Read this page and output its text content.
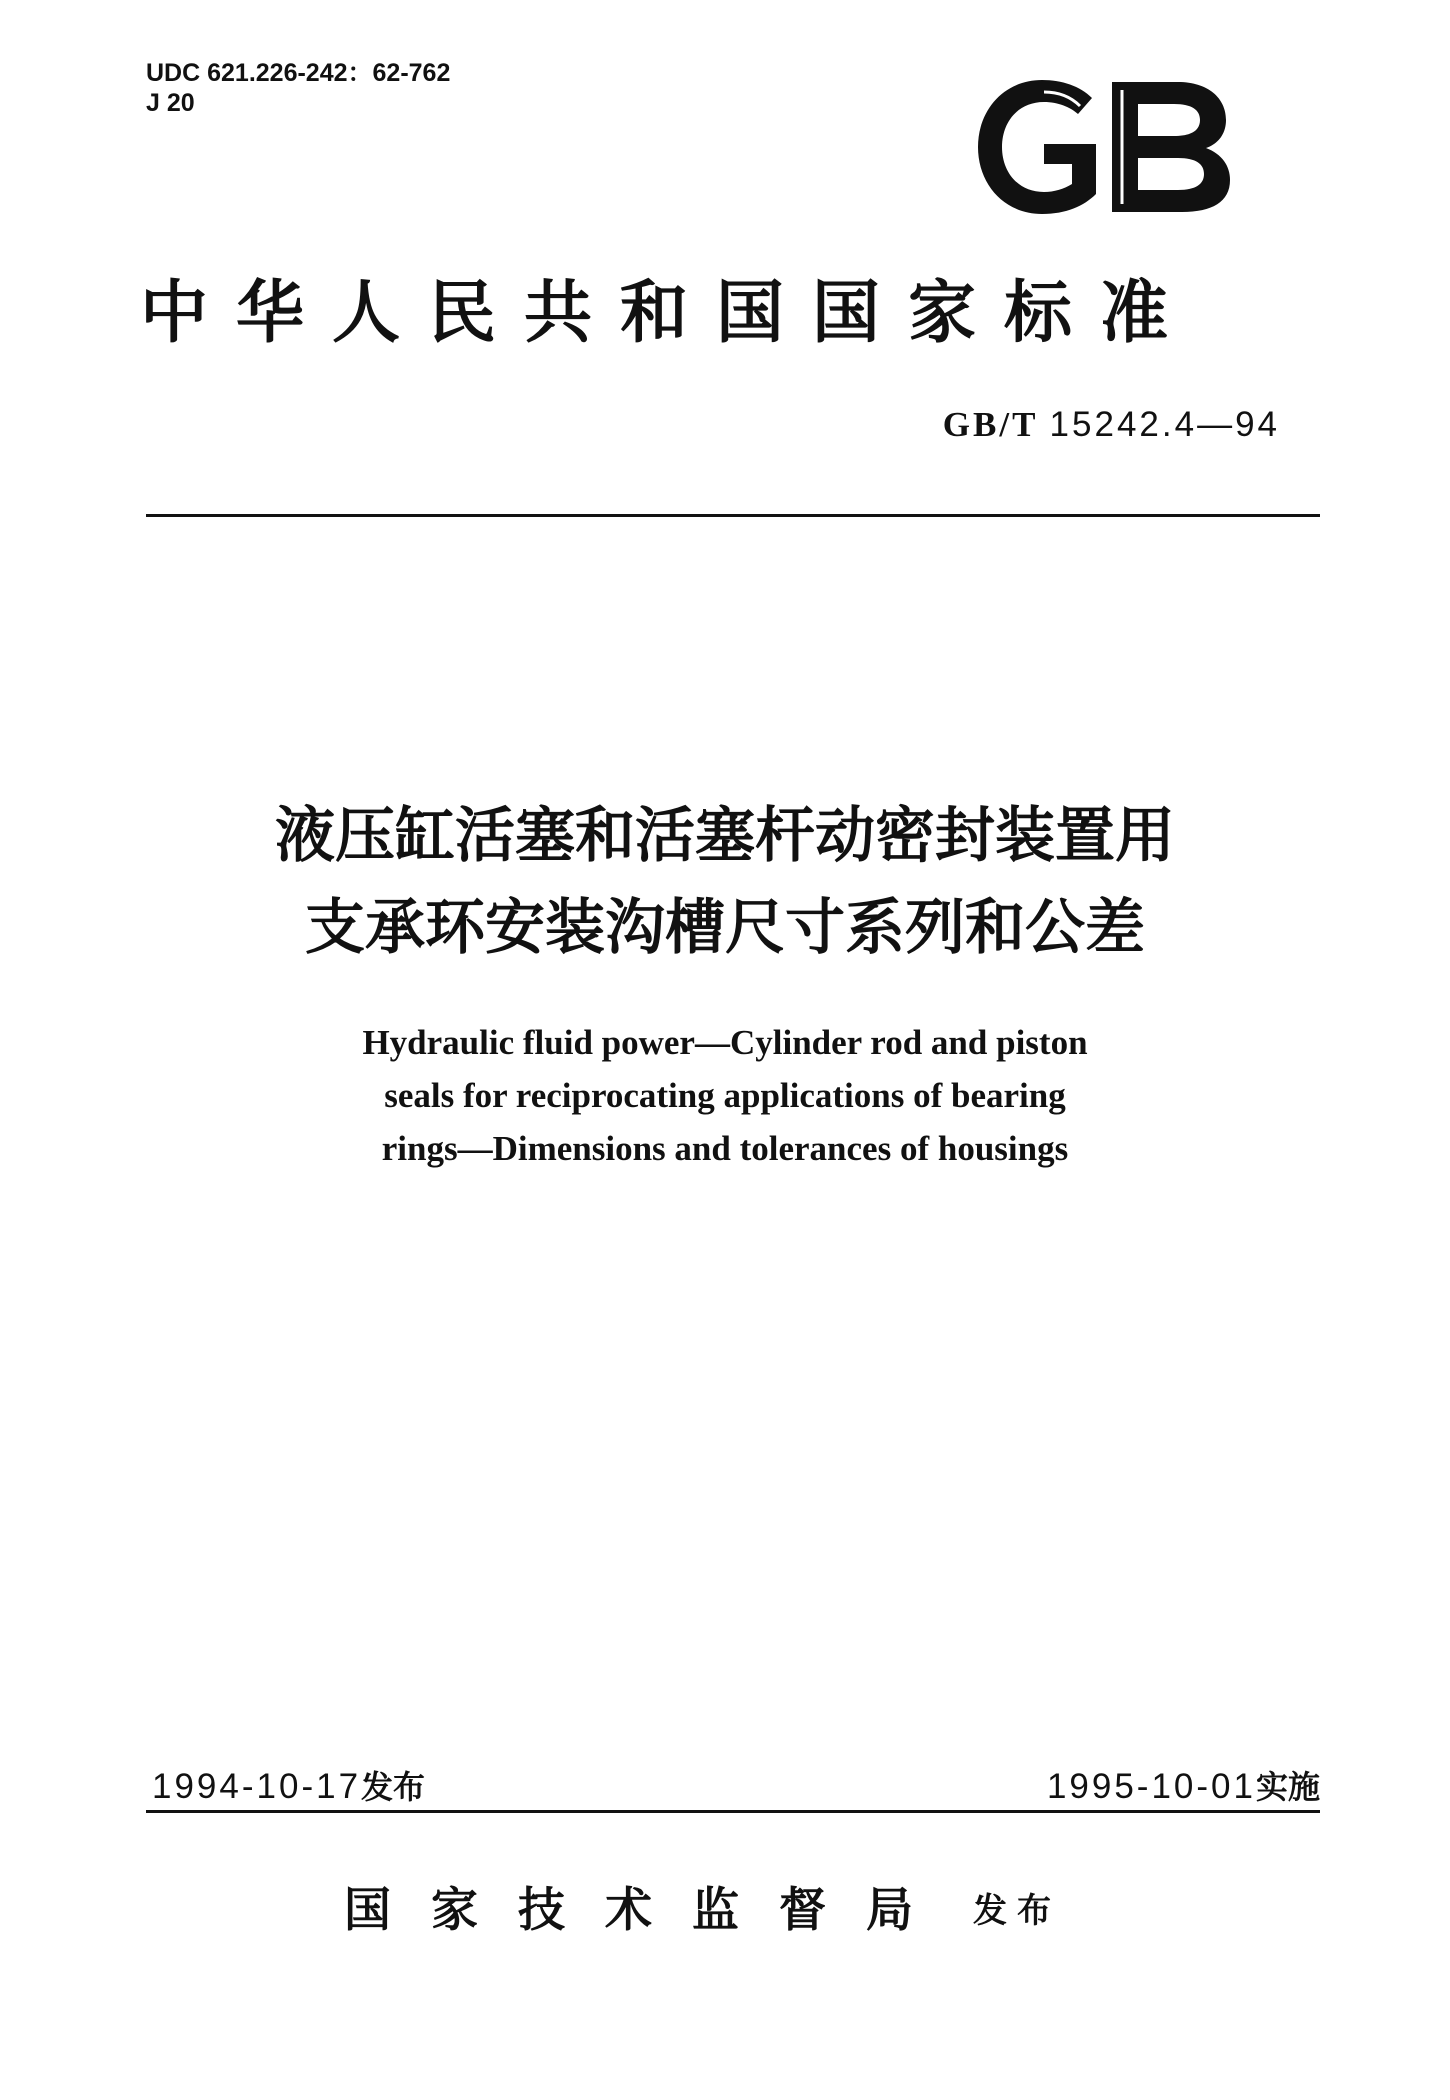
UDC 621.226-242：62-762
J 20
中华人民共和国国家标准
GB/T 15242.4—94
液压缸活塞和活塞杆动密封装置用
支承环安装沟槽尺寸系列和公差
Hydraulic fluid power—Cylinder rod and piston
seals for reciprocating applications of bearing
rings—Dimensions and tolerances of housings
1994-10-17发布	1995-10-01实施
国家技术监督局 发布
